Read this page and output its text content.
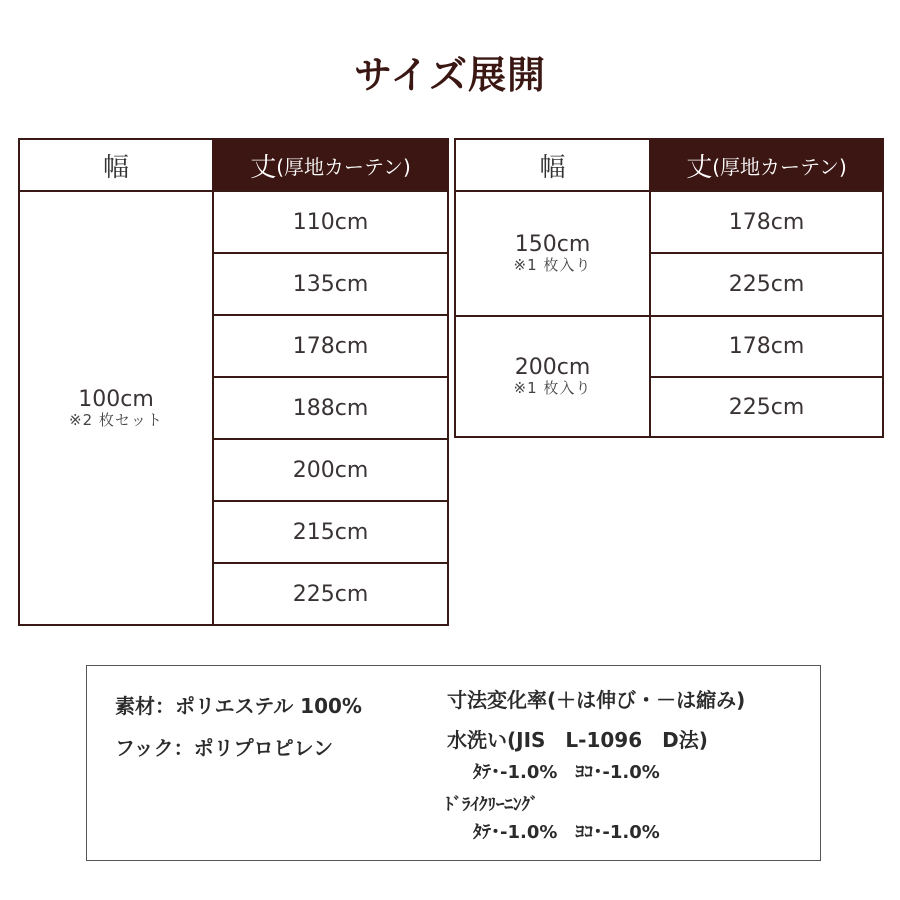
サイズ展開
幅	丈 (厚地カーテン)
100cm
※2 枚セット
110cm
135cm
178cm
188cm
200cm
215cm
225cm
幅	丈 (厚地カーテン)
150cm
※1 枚入り
178cm
225cm
200cm
※1 枚入り
178cm
225cm
素材：ポリエステル 100%
フック：ポリプロピレン
寸法変化率(＋は伸び・－は縮み)
水洗い(JIS　L-1096　D法)
ﾀﾃ･-1.0%　ﾖｺ･-1.0%
ﾄﾞﾗｲｸﾘｰﾆﾝｸﾞ
ﾀﾃ･-1.0%　ﾖｺ･-1.0%
